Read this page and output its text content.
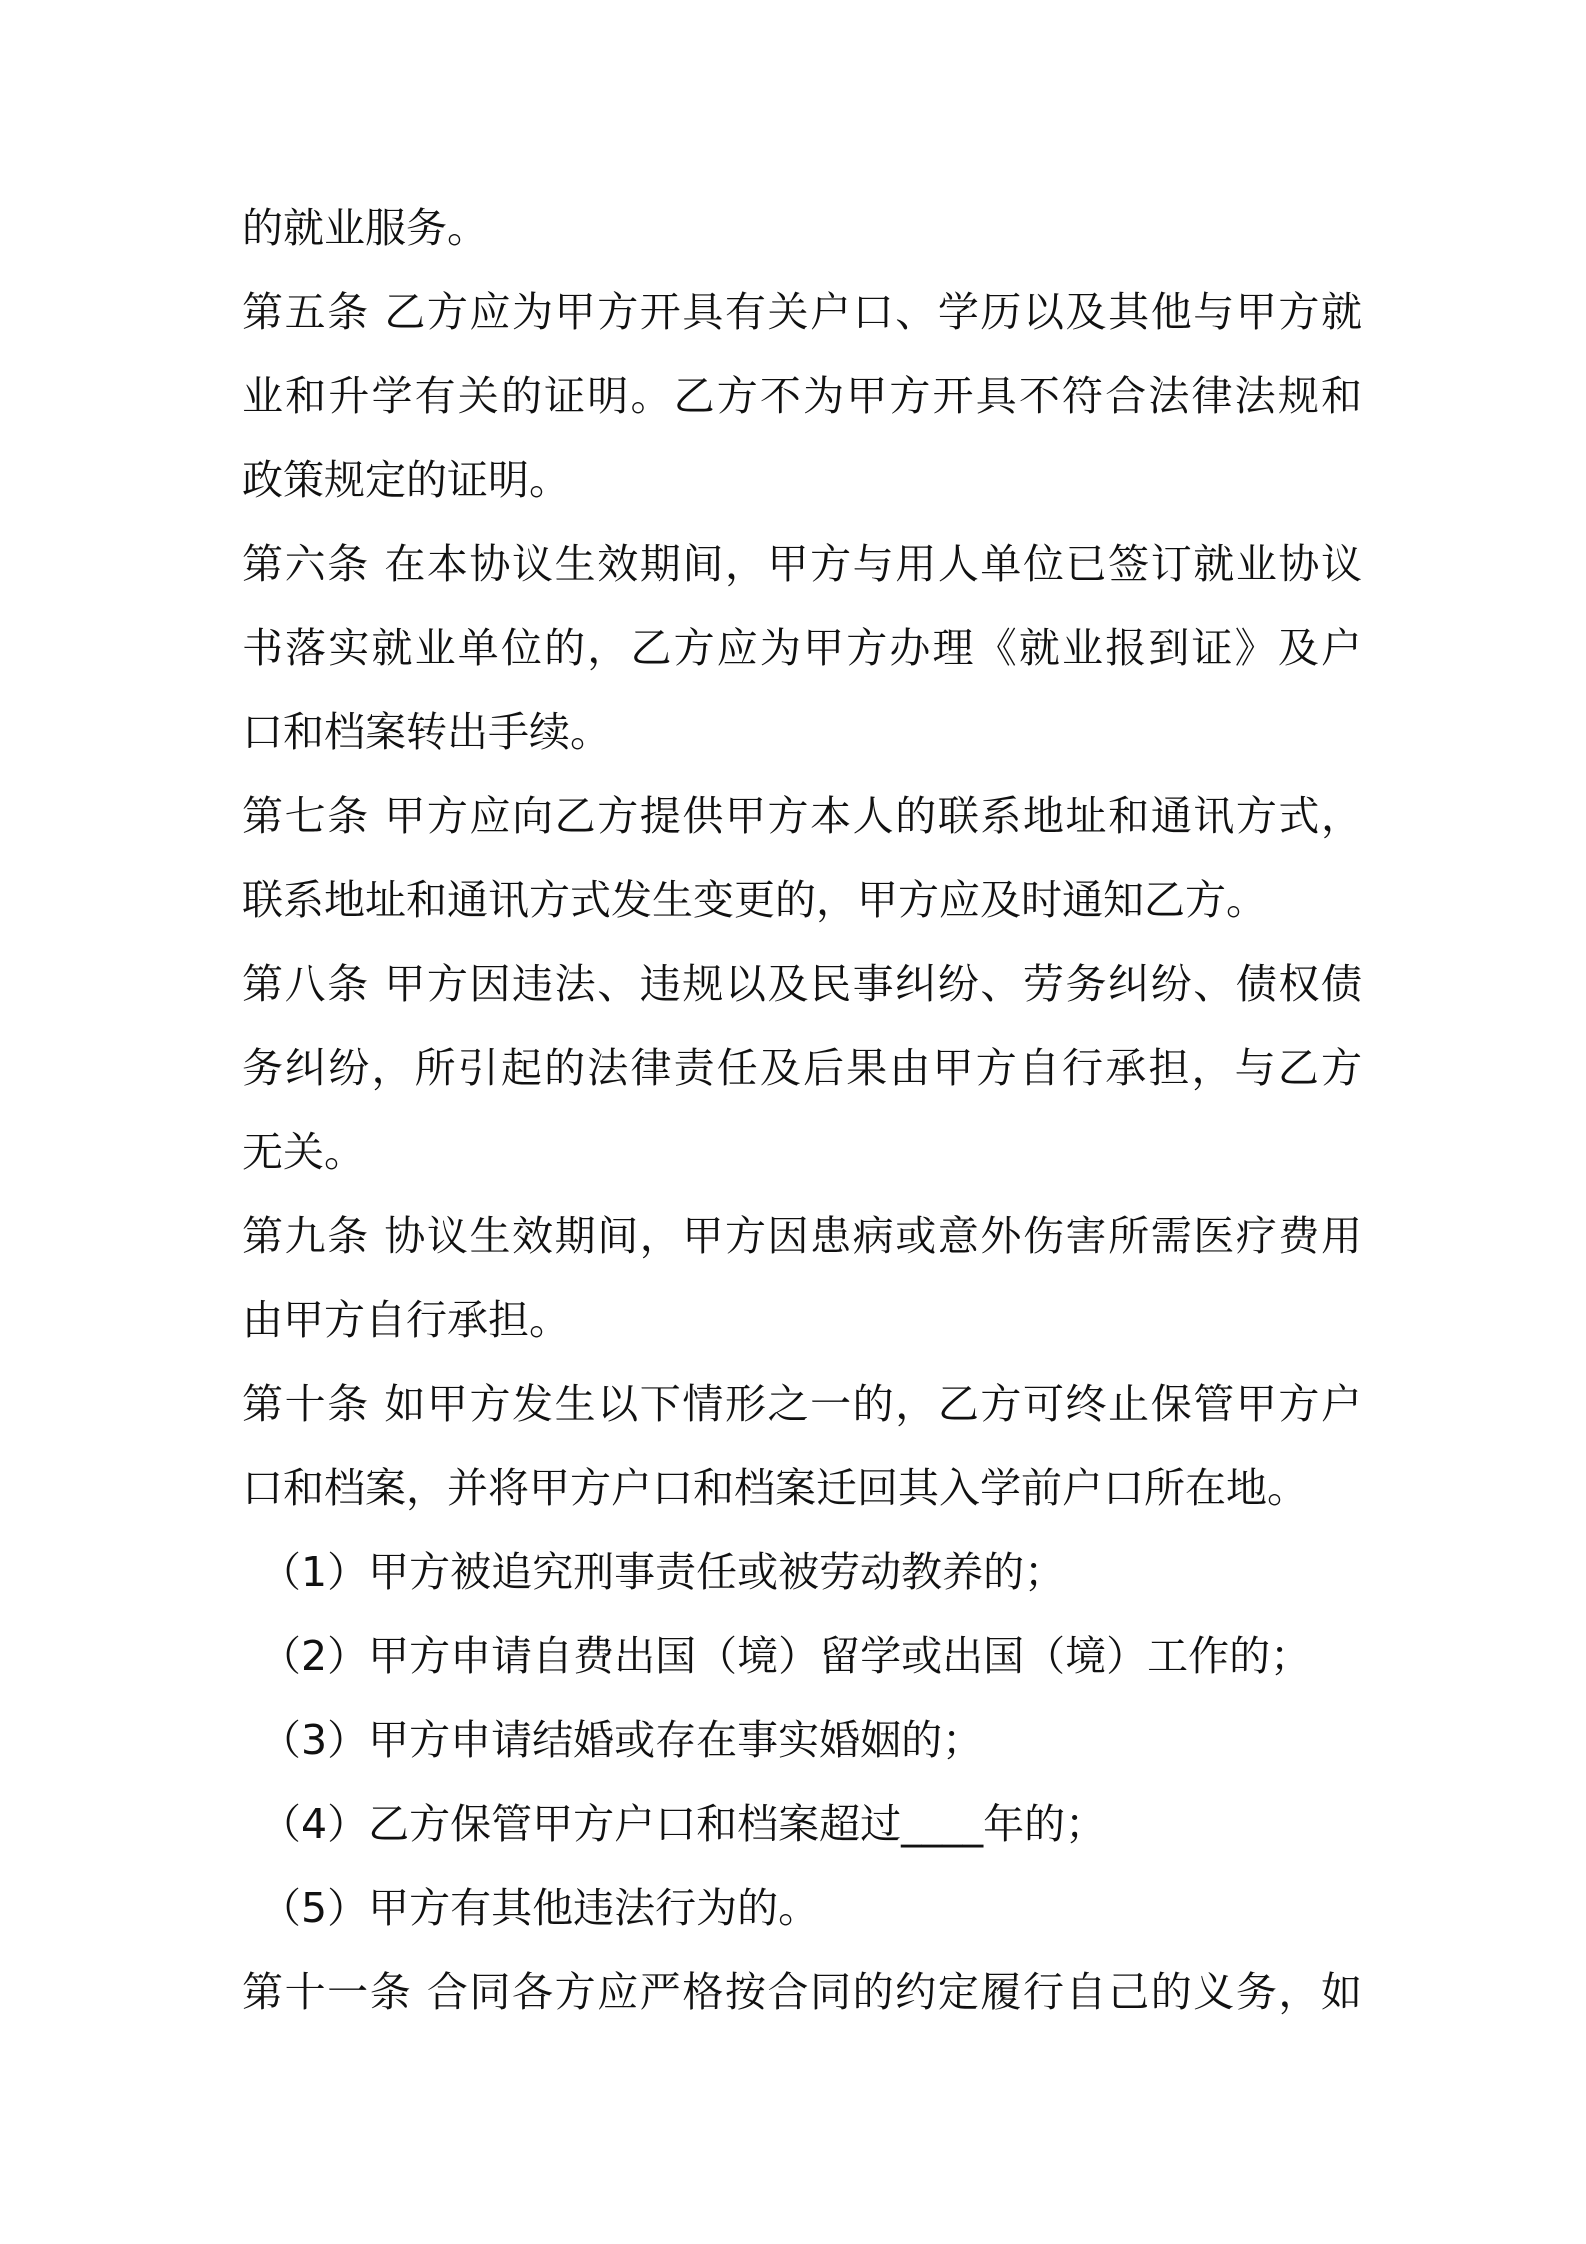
的就业服务。
第五条 乙方应为甲方开具有关户口、学历以及其他与甲方就
业和升学有关的证明。乙方不为甲方开具不符合法律法规和
政策规定的证明。
第六条 在本协议生效期间，甲方与用人单位已签订就业协议
书落实就业单位的，乙方应为甲方办理《就业报到证》及户
口和档案转出手续。
第七条 甲方应向乙方提供甲方本人的联系地址和通讯方式，
联系地址和通讯方式发生变更的，甲方应及时通知乙方。
第八条 甲方因违法、违规以及民事纠纷、劳务纠纷、债权债
务纠纷，所引起的法律责任及后果由甲方自行承担，与乙方
无关。
第九条 协议生效期间，甲方因患病或意外伤害所需医疗费用
由甲方自行承担。
第十条 如甲方发生以下情形之一的，乙方可终止保管甲方户
口和档案，并将甲方户口和档案迁回其入学前户口所在地。
（1）甲方被追究刑事责任或被劳动教养的；
（2）甲方申请自费出国（境）留学或出国（境）工作的；
（3）甲方申请结婚或存在事实婚姻的；
（4）乙方保管甲方户口和档案超过____年的；
（5）甲方有其他违法行为的。
第十一条 合同各方应严格按合同的约定履行自己的义务，如
